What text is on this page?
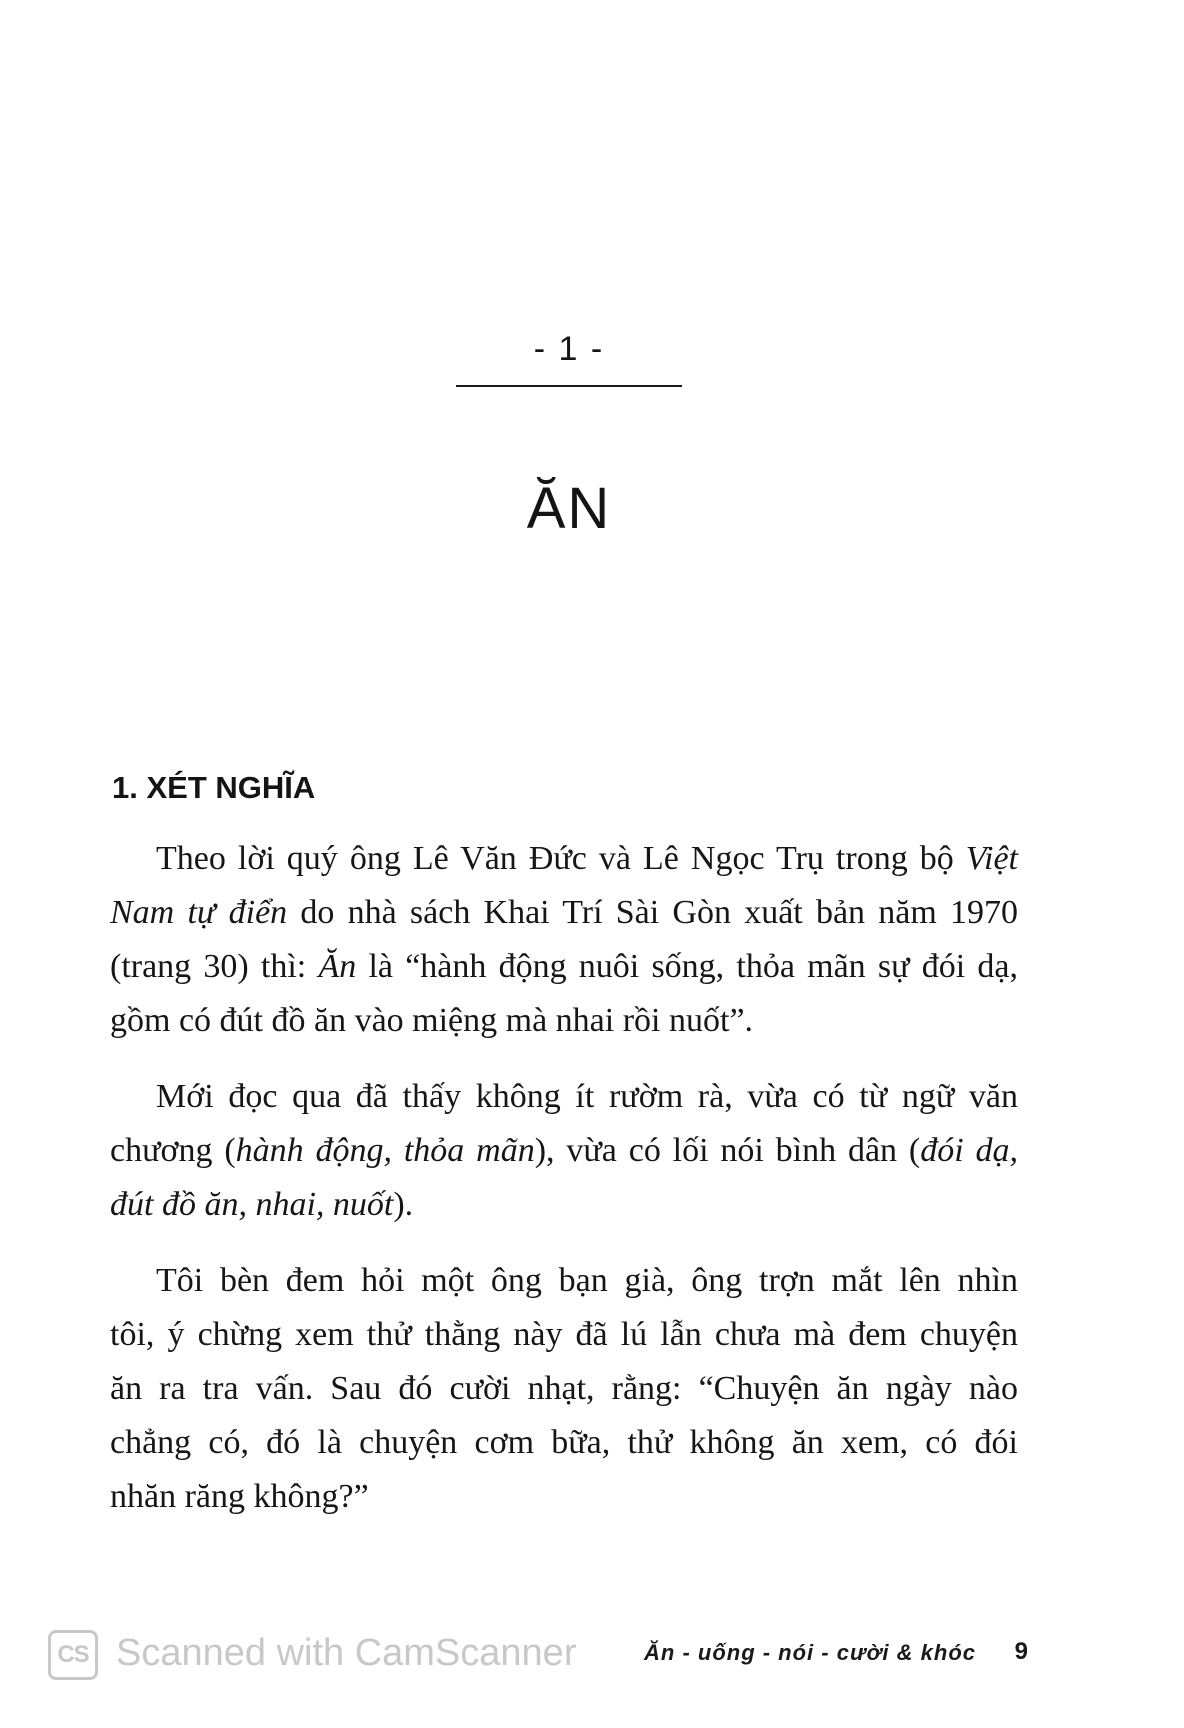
- 1 -
ĂN
1. XÉT NGHĨA
Theo lời quý ông Lê Văn Đức và Lê Ngọc Trụ trong bộ Việt
Nam tự điển do nhà sách Khai Trí Sài Gòn xuất bản năm 1970
(trang 30) thì: Ăn là “hành động nuôi sống, thỏa mãn sự đói dạ,
gồm có đút đồ ăn vào miệng mà nhai rồi nuốt”.
Mới đọc qua đã thấy không ít rườm rà, vừa có từ ngữ văn
chương (hành động, thỏa mãn), vừa có lối nói bình dân (đói dạ,
đút đồ ăn, nhai, nuốt).
Tôi bèn đem hỏi một ông bạn già, ông trợn mắt lên nhìn
tôi, ý chừng xem thử thằng này đã lú lẫn chưa mà đem chuyện
ăn ra tra vấn. Sau đó cười nhạt, rằng: “Chuyện ăn ngày nào
chẳng có, đó là chuyện cơm bữa, thử không ăn xem, có đói
nhăn răng không?”
Ăn - uống - nói - cười & khóc	9
CS Scanned with CamScanner
